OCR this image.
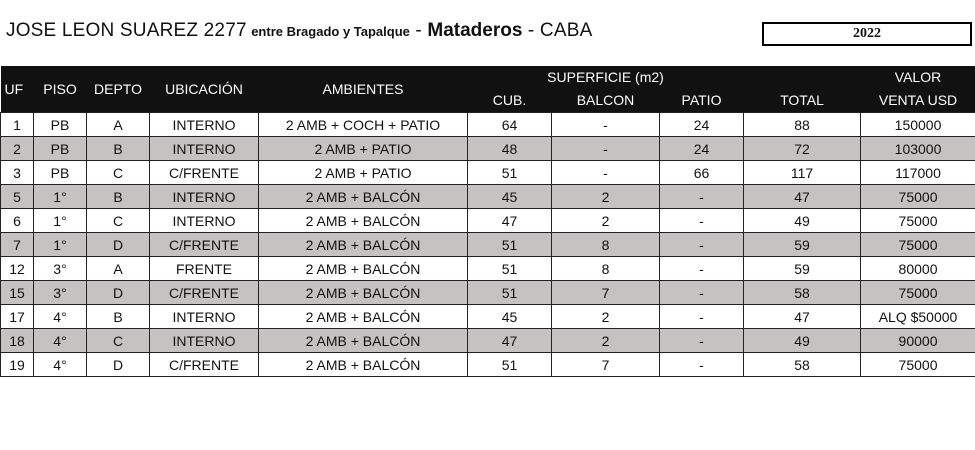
JOSE LEON SUAREZ 2277 entre Bragado y Tapalque - Mataderos - CABA	2022
UF	PISO	DEPTO	UBICACIÓN	AMBIENTES	SUPERFICIE (m2)				VALOR
					CUB.	BALCON	PATIO	TOTAL	VENTA USD
1	PB	A	INTERNO	2 AMB + COCH + PATIO	64	-	24	88	150000
2	PB	B	INTERNO	2 AMB + PATIO	48	-	24	72	103000
3	PB	C	C/FRENTE	2 AMB + PATIO	51	-	66	117	117000
5	1°	B	INTERNO	2 AMB + BALCÓN	45	2	-	47	75000
6	1°	C	INTERNO	2 AMB + BALCÓN	47	2	-	49	75000
7	1°	D	C/FRENTE	2 AMB + BALCÓN	51	8	-	59	75000
12	3°	A	FRENTE	2 AMB + BALCÓN	51	8	-	59	80000
15	3°	D	C/FRENTE	2 AMB + BALCÓN	51	7	-	58	75000
17	4°	B	INTERNO	2 AMB + BALCÓN	45	2	-	47	ALQ $50000
18	4°	C	INTERNO	2 AMB + BALCÓN	47	2	-	49	90000
19	4°	D	C/FRENTE	2 AMB + BALCÓN	51	7	-	58	75000
